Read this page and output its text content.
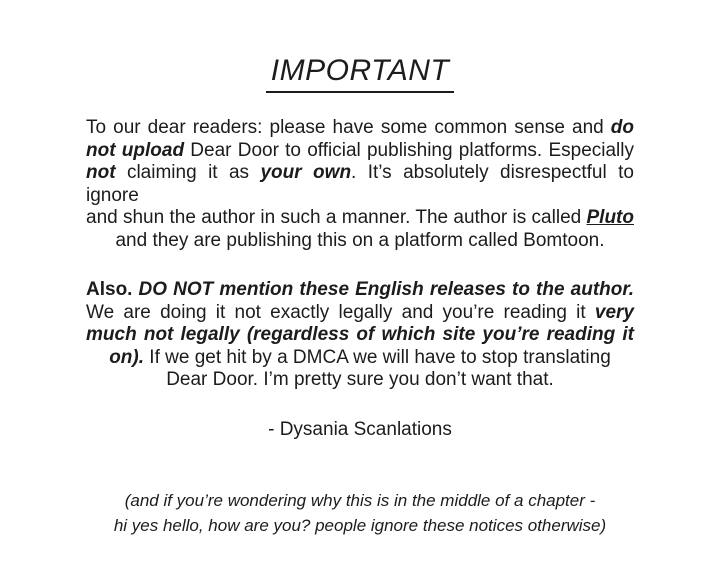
IMPORTANT
To our dear readers: please have some common sense and do
not upload Dear Door to official publishing platforms. Especially
not claiming it as your own. It’s absolutely disrespectful to ignore
and shun the author in such a manner. The author is called Pluto
and they are publishing this on a platform called Bomtoon.
Also. DO NOT mention these English releases to the author.
We are doing it not exactly legally and you’re reading it very
much not legally (regardless of which site you’re reading it
on). If we get hit by a DMCA we will have to stop translating
Dear Door. I’m pretty sure you don’t want that.
- Dysania Scanlations
(and if you’re wondering why this is in the middle of a chapter -
hi yes hello, how are you? people ignore these notices otherwise)
